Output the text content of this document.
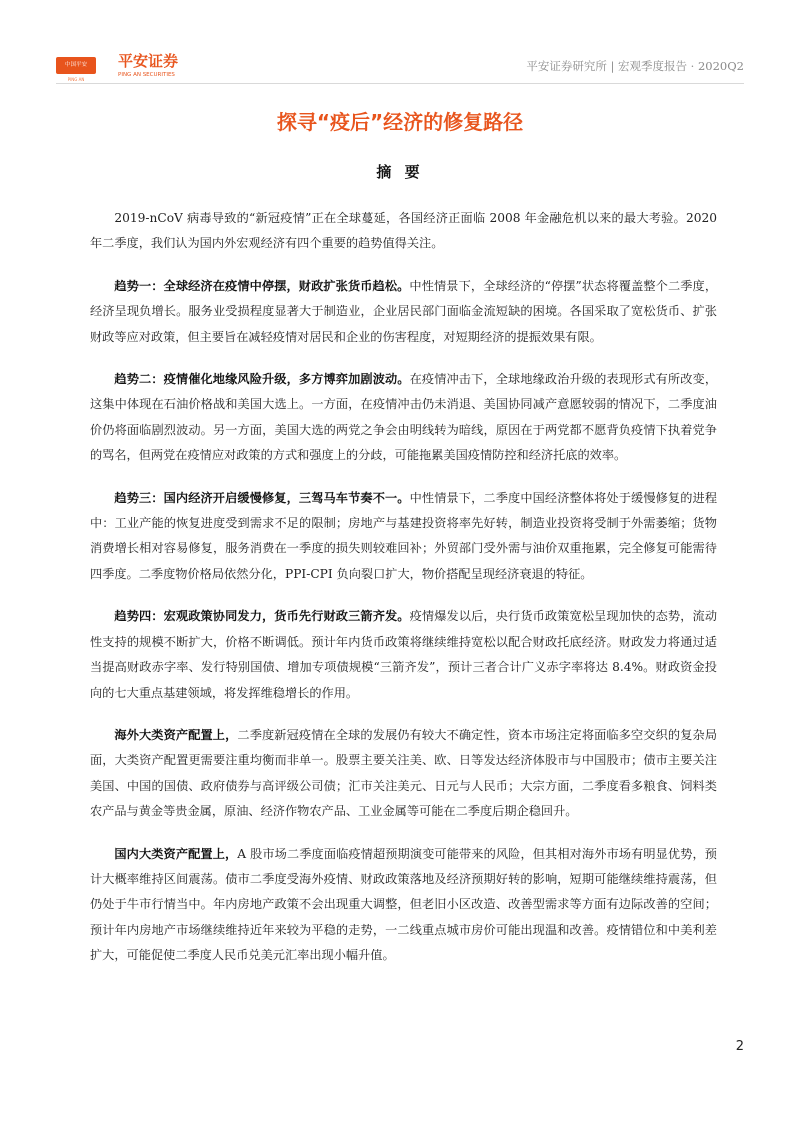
中国平安
PING AN
平安证券
PING AN SECURITIES
平安证券研究所 | 宏观季度报告 · 2020Q2
探寻“疫后”经济的修复路径
摘 要

2019-nCoV 病毒导致的“新冠疫情”正在全球蔓延，各国经济正面临 2008 年金融危机以来的最大考验。2020 年二季度，我们认为国内外宏观经济有四个重要的趋势值得关注。

趋势一：全球经济在疫情中停摆，财政扩张货币趋松。中性情景下，全球经济的“停摆”状态将覆盖整个二季度，经济呈现负增长。服务业受损程度显著大于制造业，企业居民部门面临金流短缺的困境。各国采取了宽松货币、扩张财政等应对政策，但主要旨在减轻疫情对居民和企业的伤害程度，对短期经济的提振效果有限。

趋势二：疫情催化地缘风险升级，多方博弈加剧波动。在疫情冲击下，全球地缘政治升级的表现形式有所改变，这集中体现在石油价格战和美国大选上。一方面，在疫情冲击仍未消退、美国协同减产意愿较弱的情况下，二季度油价仍将面临剧烈波动。另一方面，美国大选的两党之争会由明线转为暗线，原因在于两党都不愿背负疫情下执着党争的骂名，但两党在疫情应对政策的方式和强度上的分歧，可能拖累美国疫情防控和经济托底的效率。

趋势三：国内经济开启缓慢修复，三驾马车节奏不一。中性情景下，二季度中国经济整体将处于缓慢修复的进程中：工业产能的恢复进度受到需求不足的限制；房地产与基建投资将率先好转，制造业投资将受制于外需萎缩；货物消费增长相对容易修复，服务消费在一季度的损失则较难回补；外贸部门受外需与油价双重拖累，完全修复可能需待四季度。二季度物价格局依然分化，PPI-CPI 负向裂口扩大，物价搭配呈现经济衰退的特征。

趋势四：宏观政策协同发力，货币先行财政三箭齐发。疫情爆发以后，央行货币政策宽松呈现加快的态势，流动性支持的规模不断扩大，价格不断调低。预计年内货币政策将继续维持宽松以配合财政托底经济。财政发力将通过适当提高财政赤字率、发行特别国债、增加专项债规模“三箭齐发”，预计三者合计广义赤字率将达 8.4%。财政资金投向的七大重点基建领域，将发挥维稳增长的作用。

海外大类资产配置上，二季度新冠疫情在全球的发展仍有较大不确定性，资本市场注定将面临多空交织的复杂局面，大类资产配置更需要注重均衡而非单一。股票主要关注美、欧、日等发达经济体股市与中国股市；债市主要关注美国、中国的国债、政府债券与高评级公司债；汇市关注美元、日元与人民币；大宗方面，二季度看多粮食、饲料类农产品与黄金等贵金属，原油、经济作物农产品、工业金属等可能在二季度后期企稳回升。

国内大类资产配置上，A 股市场二季度面临疫情超预期演变可能带来的风险，但其相对海外市场有明显优势，预计大概率维持区间震荡。债市二季度受海外疫情、财政政策落地及经济预期好转的影响，短期可能继续维持震荡，但仍处于牛市行情当中。年内房地产政策不会出现重大调整，但老旧小区改造、改善型需求等方面有边际改善的空间；预计年内房地产市场继续维持近年来较为平稳的走势，一二线重点城市房价可能出现温和改善。疫情错位和中美利差扩大，可能促使二季度人民币兑美元汇率出现小幅升值。

2
